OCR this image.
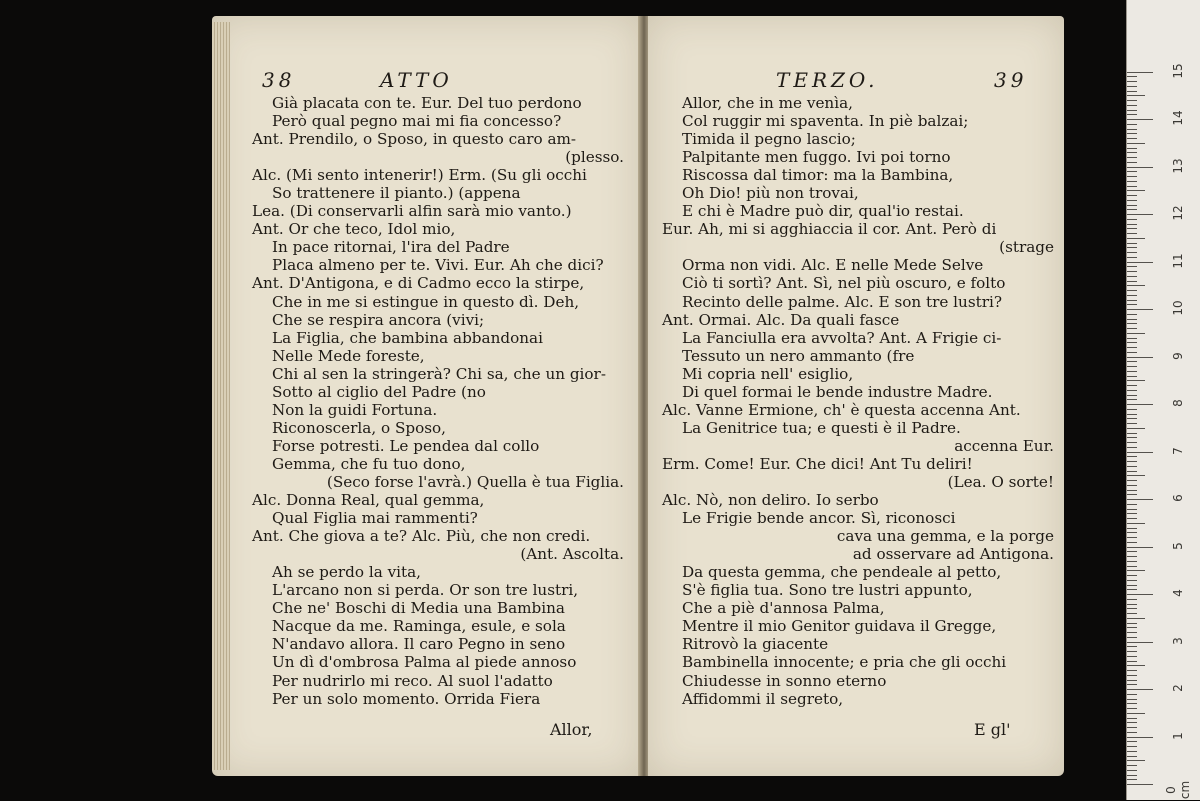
38	ATTO
Già placata con te. Eur. Del tuo perdono
Però qual pegno mai mi fia concesso?
Ant. Prendilo, o Sposo, in questo caro am-
(plesso.
Alc. (Mi sento intenerir!) Erm. (Su gli occhi
So trattenere il pianto.) (appena
Lea. (Di conservarli alfin sarà mio vanto.)
Ant. Or che teco, Idol mio,
In pace ritornai, l'ira del Padre
Placa almeno per te. Vivi. Eur. Ah che dici?
Ant. D'Antigona, e di Cadmo ecco la stirpe,
Che in me si estingue in questo dì. Deh,
Che se respira ancora (vivi;
La Figlia, che bambina abbandonai
Nelle Mede foreste,
Chi al sen la stringerà? Chi sa, che un gior-
Sotto al ciglio del Padre (no
Non la guidi Fortuna.
Riconoscerla, o Sposo,
Forse potresti. Le pendea dal collo
Gemma, che fu tuo dono,
(Seco forse l'avrà.) Quella è tua Figlia.
Alc. Donna Real, qual gemma,
Qual Figlia mai rammenti?
Ant. Che giova a te? Alc. Più, che non credi.
(Ant. Ascolta.
Ah se perdo la vita,
L'arcano non si perda. Or son tre lustri,
Che ne' Boschi di Media una Bambina
Nacque da me. Raminga, esule, e sola
N'andavo allora. Il caro Pegno in seno
Un dì d'ombrosa Palma al piede annoso
Per nudrirlo mi reco. Al suol l'adatto
Per un solo momento. Orrida Fiera
Allor,
TERZO.	39
Allor, che in me venìa,
Col ruggir mi spaventa. In piè balzai;
Timida il pegno lascio;
Palpitante men fuggo. Ivi poi torno
Riscossa dal timor: ma la Bambina,
Oh Dio! più non trovai,
E chi è Madre può dir, qual'io restai.
Eur. Ah, mi si agghiaccia il cor. Ant. Però di
(strage
Orma non vidi. Alc. E nelle Mede Selve
Ciò ti sortì? Ant. Sì, nel più oscuro, e folto
Recinto delle palme. Alc. E son tre lustri?
Ant. Ormai. Alc. Da quali fasce
La Fanciulla era avvolta? Ant. A Frigie ci-
Tessuto un nero ammanto (fre
Mi copria nell' esiglio,
Di quel formai le bende industre Madre.
Alc. Vanne Ermione, ch' è questa accenna Ant.
La Genitrice tua; e questi è il Padre.
accenna Eur.
Erm. Come! Eur. Che dici! Ant Tu deliri!
(Lea. O sorte!
Alc. Nò, non deliro. Io serbo
Le Frigie bende ancor. Sì, riconosci
cava una gemma, e la porge
ad osservare ad Antigona.
Da questa gemma, che pendeale al petto,
S'è figlia tua. Sono tre lustri appunto,
Che a piè d'annosa Palma,
Mentre il mio Genitor guidava il Gregge,
Ritrovò la giacente
Bambinella innocente; e pria che gli occhi
Chiudesse in sonno eterno
Affidommi il segreto,
E gl'
0 cm
1
2
3
4
5
6
7
8
9
10
11
12
13
14
15
